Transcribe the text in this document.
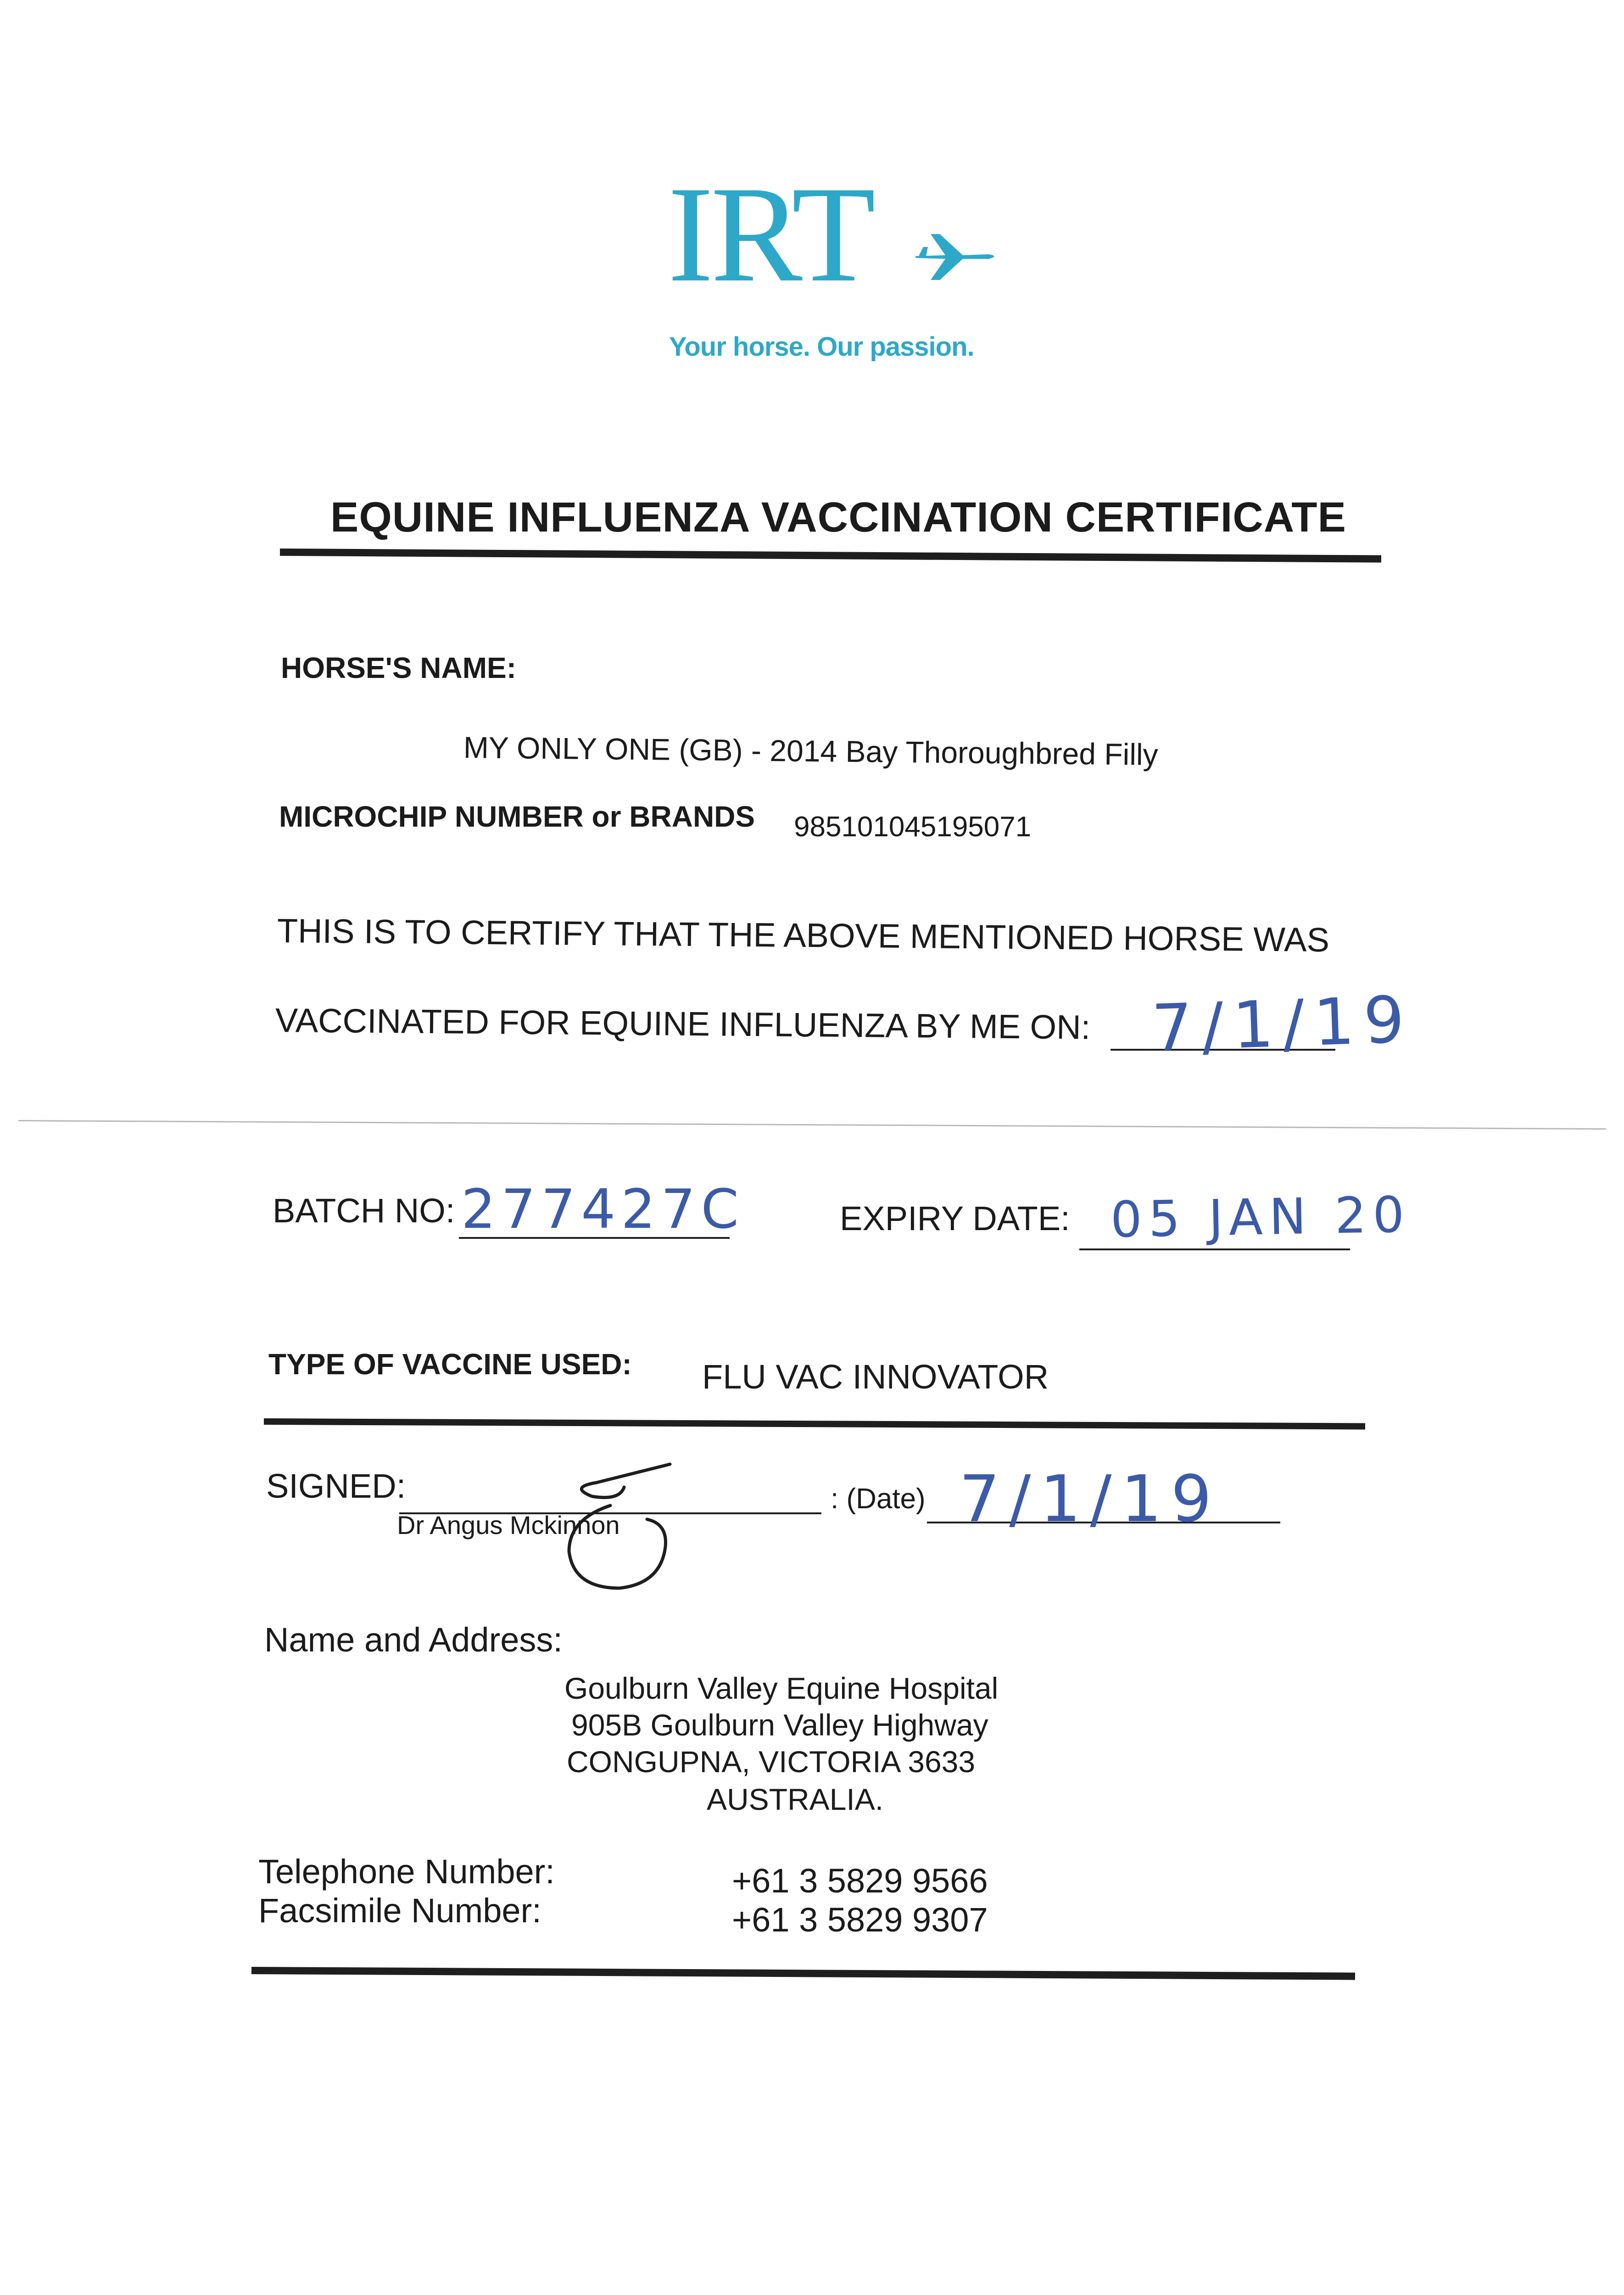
IRT
Your horse. Our passion.
EQUINE INFLUENZA VACCINATION CERTIFICATE
HORSE'S NAME:
MY ONLY ONE (GB) - 2014 Bay Thoroughbred Filly
MICROCHIP NUMBER or BRANDS 985101045195071
THIS IS TO CERTIFY THAT THE ABOVE MENTIONED HORSE WAS
VACCINATED FOR EQUINE INFLUENZA BY ME ON: 7/1/19
BATCH NO: 277427C	EXPIRY DATE: 05 JAN 20
TYPE OF VACCINE USED: FLU VAC INNOVATOR
SIGNED:
Dr Angus Mckinnon
: (Date) 7/1/19
Name and Address:
Goulburn Valley Equine Hospital
905B Goulburn Valley Highway
CONGUPNA, VICTORIA 3633
AUSTRALIA.
Telephone Number:
Facsimile Number:
+61 3 5829 9566
+61 3 5829 9307
